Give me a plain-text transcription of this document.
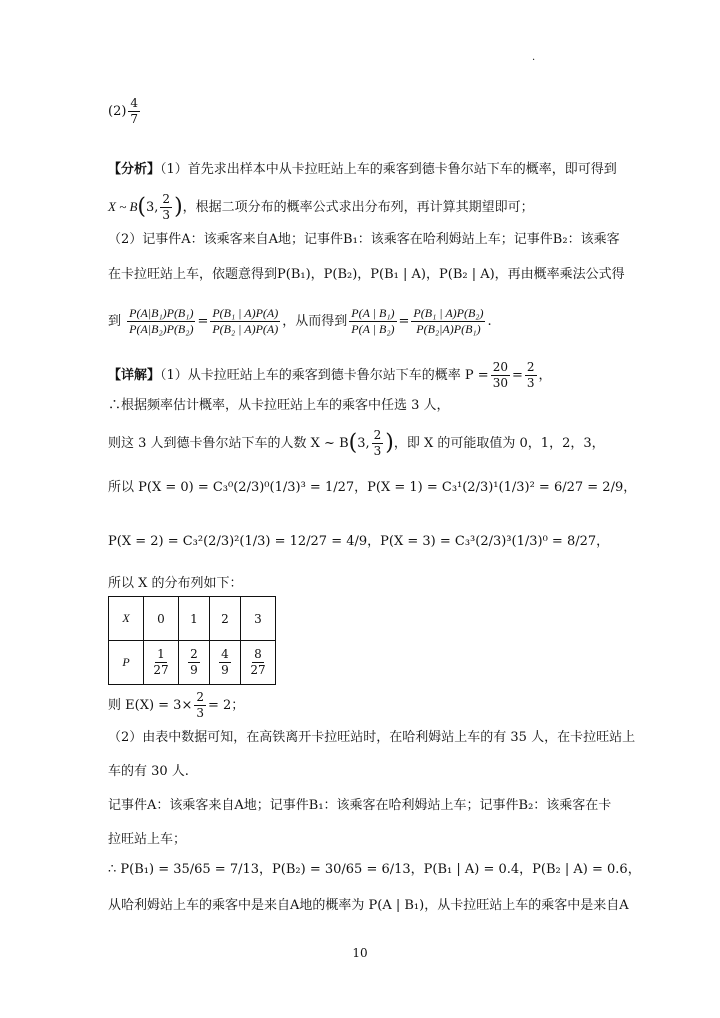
.
$(2) \frac{4}{7}$
【分析】（1）首先求出样本中从卡拉旺站上车的乘客到德卡鲁尔站下车的概率，即可得到
X ~ B(3, $\frac{2}{3}$ )，根据二项分布的概率公式求出分布列，再计算其期望即可；
（2）记事件A：该乘客来自A地；记事件B₁：该乘客在哈利姆站上车；记事件B₂：该乘客
在卡拉旺站上车，依题意得到P(B₁)，P(B₂)，P(B₁ | A)，P(B₂ | A)，再由概率乘法公式得
到 $\frac{\text{P(A|B₁)P(B₁)}}{\text{P(A|B₂)P(B₂)}} = \frac{\text{P(B₁ | A)P(A)}}{\text{P(B₂ | A)P(A)}}$ ，从而得到 $\frac{\text{P(A | B₁)}}{\text{P(A | B₂)}} = \frac{\text{P(B₁ | A)P(B₂)}}{\text{P(B₂|A)P(B₁)}}$ .
【详解】（1）从卡拉旺站上车的乘客到德卡鲁尔站下车的概率 $P = \frac{20}{30} = \frac{2}{3}$ ，
∴根据频率估计概率，从卡拉旺站上车的乘客中任选 3 人，
则这 3 人到德卡鲁尔站下车的人数 X ~ B(3, $\frac{2}{3}$ )，即 X 的可能取值为 0，1，2，3，
所以 P(X = 0) = C₃⁰(2/3)⁰(1/3)³ = 1/27，P(X = 1) = C₃¹(2/3)¹(1/3)² = 6/27 = 2/9，
P(X = 2) = C₃²(2/3)²(1/3) = 12/27 = 4/9，P(X = 3) = C₃³(2/3)³(1/3)⁰ = 8/27，
所以 X 的分布列如下：
X	0	1	2	3
P	$\frac{1}{27}$	$\frac{2}{9}$	$\frac{4}{9}$	$\frac{8}{27}$
则 $E(X) = 3\times \frac{2}{3} = 2$；
（2）由表中数据可知，在高铁离开卡拉旺站时，在哈利姆站上车的有 35 人，在卡拉旺站上
车的有 30 人.
记事件A：该乘客来自A地；记事件B₁：该乘客在哈利姆站上车；记事件B₂：该乘客在卡
拉旺站上车；
∴ P(B₁) = 35/65 = 7/13，P(B₂) = 30/65 = 6/13，P(B₁ | A) = 0.4，P(B₂ | A) = 0.6，
从哈利姆站上车的乘客中是来自A地的概率为 P(A | B₁)，从卡拉旺站上车的乘客中是来自A
10
